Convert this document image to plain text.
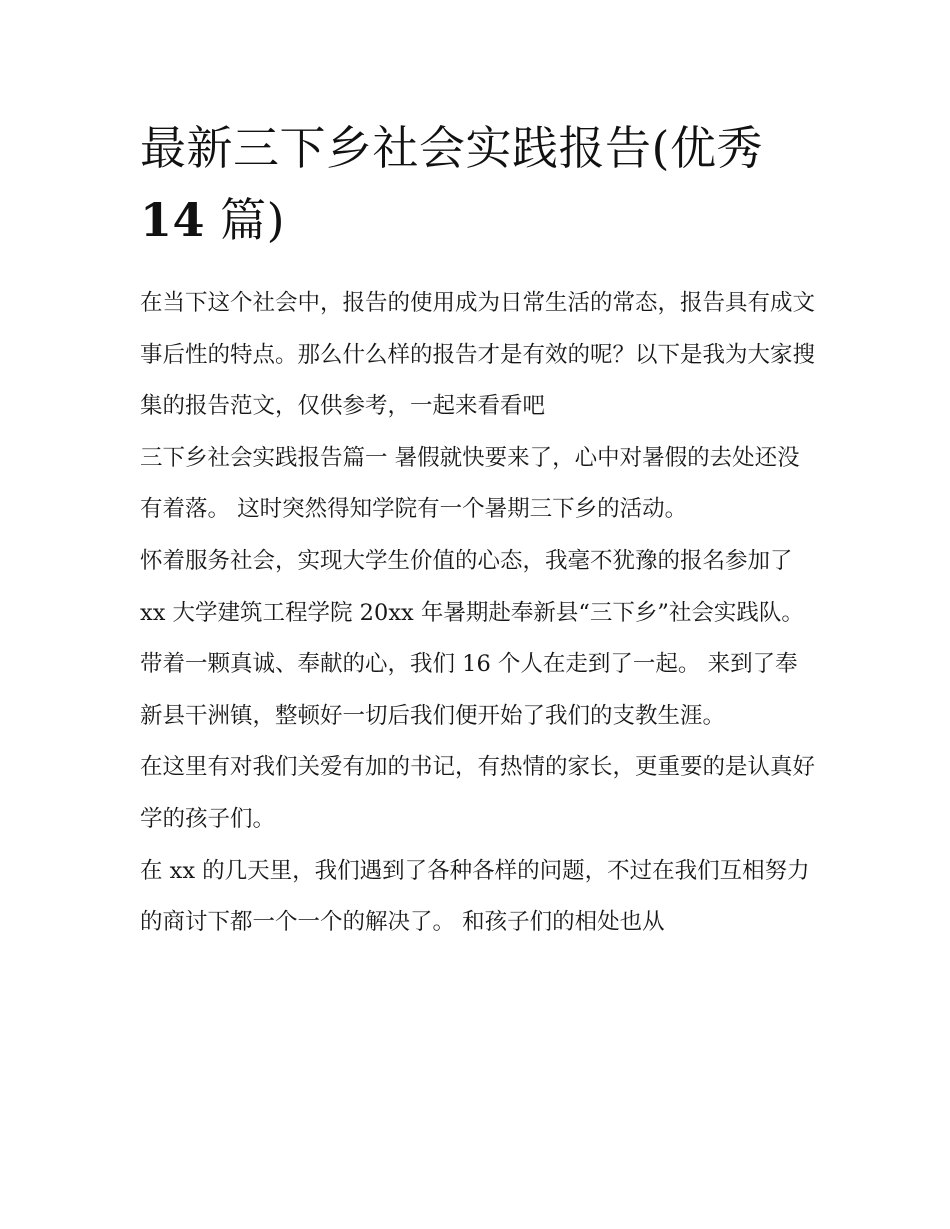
最新三下乡社会实践报告(优秀
14 篇)

在当下这个社会中，报告的使用成为日常生活的常态，报告具有成文事后性的特点。那么什么样的报告才是有效的呢？以下是我为大家搜集的报告范文，仅供参考，一起来看看吧

三下乡社会实践报告篇一 暑假就快要来了，心中对暑假的去处还没有着落。 这时突然得知学院有一个暑期三下乡的活动。

怀着服务社会，实现大学生价值的心态，我毫不犹豫的报名参加了 xx 大学建筑工程学院 20xx 年暑期赴奉新县“三下乡”社会实践队。

带着一颗真诚、奉献的心，我们 16 个人在走到了一起。 来到了奉新县干洲镇，整顿好一切后我们便开始了我们的支教生涯。

在这里有对我们关爱有加的书记，有热情的家长，更重要的是认真好学的孩子们。

在 xx 的几天里，我们遇到了各种各样的问题，不过在我们互相努力的商讨下都一个一个的解决了。 和孩子们的相处也从
